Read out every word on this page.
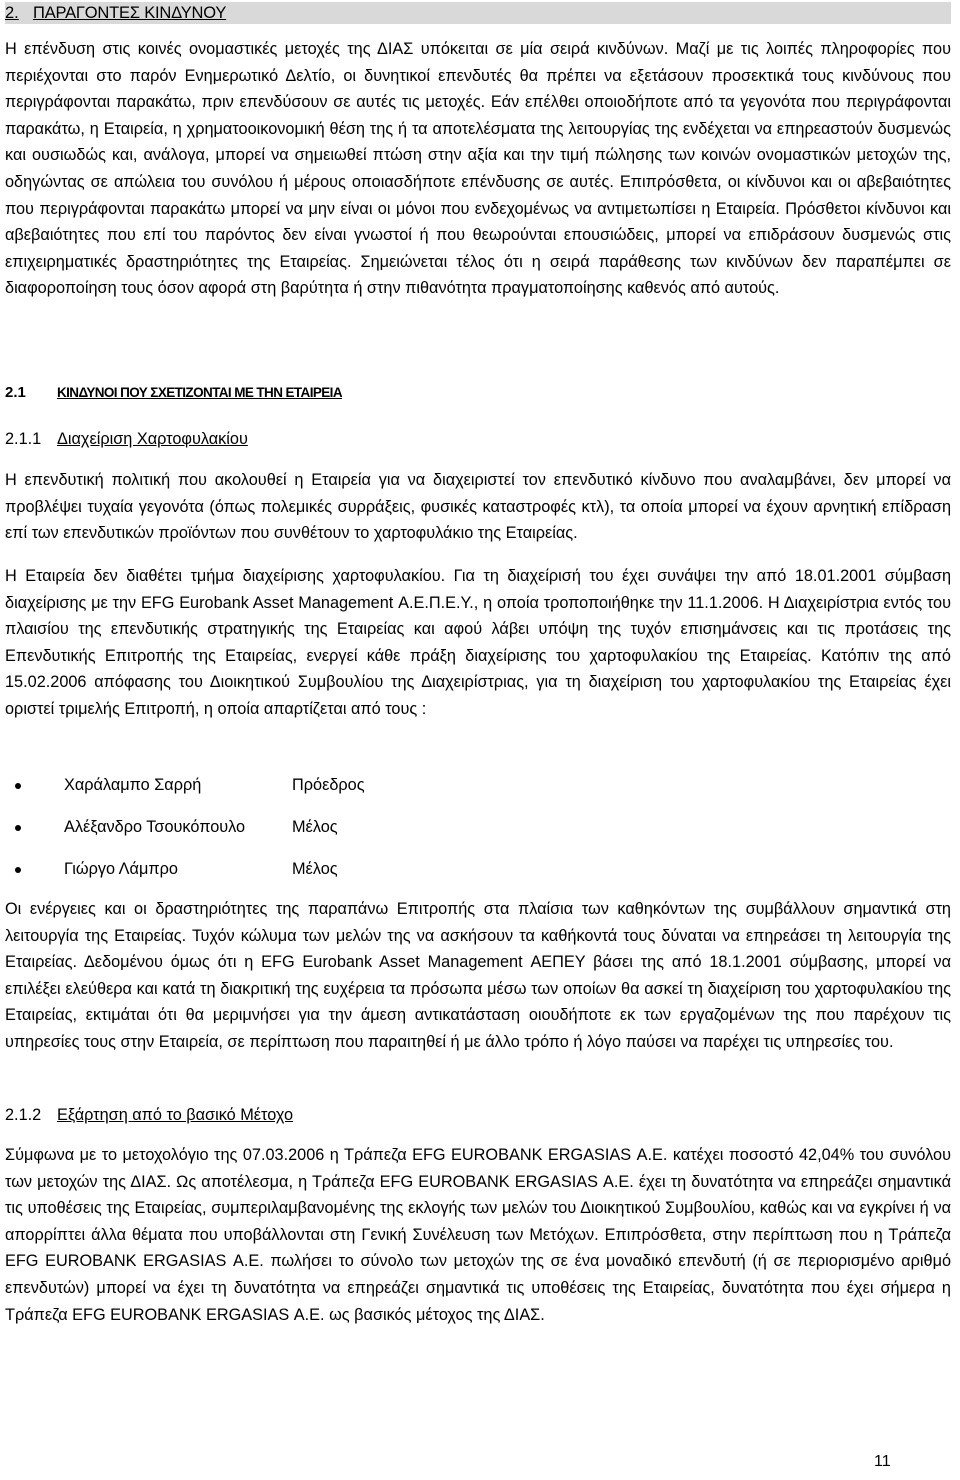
2. ΠΑΡΑΓΟΝΤΕΣ ΚΙΝΔΥΝΟΥ

Η επένδυση στις κοινές ονομαστικές μετοχές της ΔΙΑΣ υπόκειται σε μία σειρά κινδύνων. Μαζί με τις λοιπές πληροφορίες που περιέχονται στο παρόν Ενημερωτικό Δελτίο, οι δυνητικοί επενδυτές θα πρέπει να εξετάσουν προσεκτικά τους κινδύνους που περιγράφονται παρακάτω, πριν επενδύσουν σε αυτές τις μετοχές. Εάν επέλθει οποιοδήποτε από τα γεγονότα που περιγράφονται παρακάτω, η Εταιρεία, η χρηματοοικονομική θέση της ή τα αποτελέσματα της λειτουργίας της ενδέχεται να επηρεαστούν δυσμενώς και ουσιωδώς και, ανάλογα, μπορεί να σημειωθεί πτώση στην αξία και την τιμή πώλησης των κοινών ονομαστικών μετοχών της, οδηγώντας σε απώλεια του συνόλου ή μέρους οποιασδήποτε επένδυσης σε αυτές. Επιπρόσθετα, οι κίνδυνοι και οι αβεβαιότητες που περιγράφονται παρακάτω μπορεί να μην είναι οι μόνοι που ενδεχομένως να αντιμετωπίσει η Εταιρεία. Πρόσθετοι κίνδυνοι και αβεβαιότητες που επί του παρόντος δεν είναι γνωστοί ή που θεωρούνται επουσιώδεις, μπορεί να επιδράσουν δυσμενώς στις επιχειρηματικές δραστηριότητες της Εταιρείας. Σημειώνεται τέλος ότι η σειρά παράθεσης των κινδύνων δεν παραπέμπει σε διαφοροποίηση τους όσον αφορά στη βαρύτητα ή στην πιθανότητα πραγματοποίησης καθενός από αυτούς.

2.1 ΚΙΝΔΥΝΟΙ ΠΟΥ ΣΧΕΤΙΖΟΝΤΑΙ ΜΕ ΤΗΝ ΕΤΑΙΡΕΙΑ
2.1.1 Διαχείριση Χαρτοφυλακίου

Η επενδυτική πολιτική που ακολουθεί η Εταιρεία για να διαχειριστεί τον επενδυτικό κίνδυνο που αναλαμβάνει, δεν μπορεί να προβλέψει τυχαία γεγονότα (όπως πολεμικές συρράξεις, φυσικές καταστροφές κτλ), τα οποία μπορεί να έχουν αρνητική επίδραση επί των επενδυτικών προϊόντων που συνθέτουν το χαρτοφυλάκιο της Εταιρείας.

Η Εταιρεία δεν διαθέτει τμήμα διαχείρισης χαρτοφυλακίου. Για τη διαχείρισή του έχει συνάψει την από 18.01.2001 σύμβαση διαχείρισης με την EFG Eurobank Asset Management Α.Ε.Π.Ε.Υ., η οποία τροποποιήθηκε την 11.1.2006. Η Διαχειρίστρια εντός του πλαισίου της επενδυτικής στρατηγικής της Εταιρείας και αφού λάβει υπόψη της τυχόν επισημάνσεις και τις προτάσεις της Επενδυτικής Επιτροπής της Εταιρείας, ενεργεί κάθε πράξη διαχείρισης του χαρτοφυλακίου της Εταιρείας. Κατόπιν της από 15.02.2006 απόφασης του Διοικητικού Συμβουλίου της Διαχειρίστριας, για τη διαχείριση του χαρτοφυλακίου της Εταιρείας έχει οριστεί τριμελής Επιτροπή, η οποία απαρτίζεται από τους :

Χαράλαμπο Σαρρή	Πρόεδρος
Αλέξανδρο Τσουκόπουλο	Μέλος
Γιώργο Λάμπρο	Μέλος

Οι ενέργειες και οι δραστηριότητες της παραπάνω Επιτροπής στα πλαίσια των καθηκόντων της συμβάλλουν σημαντικά στη λειτουργία της Εταιρείας. Τυχόν κώλυμα των μελών της να ασκήσουν τα καθήκοντά τους δύναται να επηρεάσει τη λειτουργία της Εταιρείας. Δεδομένου όμως ότι η EFG Eurobank Asset Management ΑΕΠΕΥ βάσει της από 18.1.2001 σύμβασης, μπορεί να επιλέξει ελεύθερα και κατά τη διακριτική της ευχέρεια τα πρόσωπα μέσω των οποίων θα ασκεί τη διαχείριση του χαρτοφυλακίου της Εταιρείας, εκτιμάται ότι θα μεριμνήσει για την άμεση αντικατάσταση οιουδήποτε εκ των εργαζομένων της που παρέχουν τις υπηρεσίες τους στην Εταιρεία, σε περίπτωση που παραιτηθεί ή με άλλο τρόπο ή λόγο παύσει να παρέχει τις υπηρεσίες του.

2.1.2 Εξάρτηση από το βασικό Μέτοχο

Σύμφωνα με το μετοχολόγιο της 07.03.2006 η Τράπεζα EFG EUROBANK ERGASIAS Α.Ε. κατέχει ποσοστό 42,04% του συνόλου των μετοχών της ΔΙΑΣ. Ως αποτέλεσμα, η Τράπεζα EFG EUROBANK ERGASIAS Α.Ε. έχει τη δυνατότητα να επηρεάζει σημαντικά τις υποθέσεις της Εταιρείας, συμπεριλαμβανομένης της εκλογής των μελών του Διοικητικού Συμβουλίου, καθώς και να εγκρίνει ή να απορρίπτει άλλα θέματα που υποβάλλονται στη Γενική Συνέλευση των Μετόχων. Επιπρόσθετα, στην περίπτωση που η Τράπεζα EFG EUROBANK ERGASIAS Α.Ε. πωλήσει το σύνολο των μετοχών της σε ένα μοναδικό επενδυτή (ή σε περιορισμένο αριθμό επενδυτών) μπορεί να έχει τη δυνατότητα να επηρεάζει σημαντικά τις υποθέσεις της Εταιρείας, δυνατότητα που έχει σήμερα η Τράπεζα EFG EUROBANK ERGASIAS Α.Ε. ως βασικός μέτοχος της ΔΙΑΣ.

11
